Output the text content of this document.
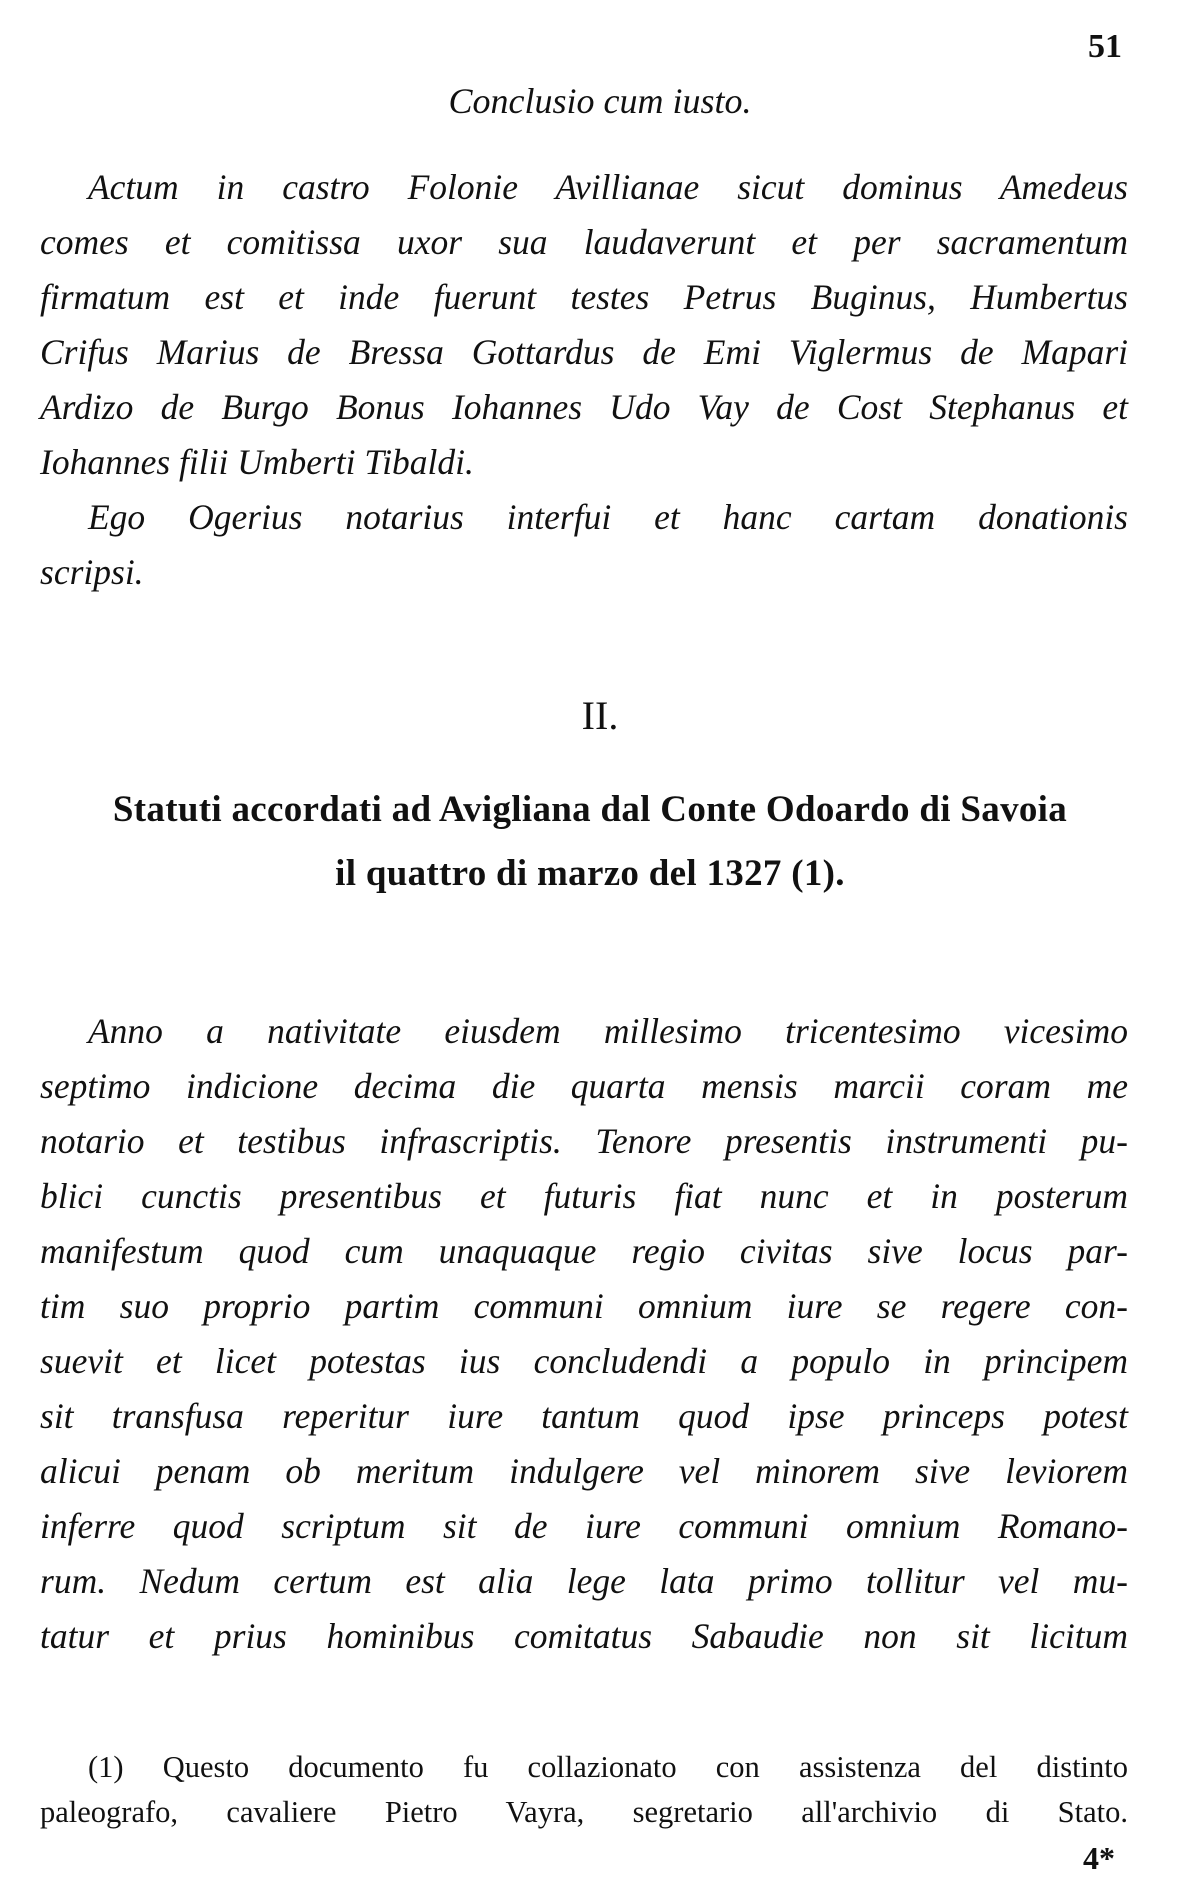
51
Conclusio cum iusto.
Actum in castro Folonie Avillianae sicut dominus Amedeus
comes et comitissa uxor sua laudaverunt et per sacramentum
firmatum est et inde fuerunt testes Petrus Buginus, Humbertus
Crifus Marius de Bressa Gottardus de Emi Viglermus de Mapari
Ardizo de Burgo Bonus Iohannes Udo Vay de Cost Stephanus et
Iohannes filii Umberti Tibaldi.
Ego Ogerius notarius interfui et hanc cartam donationis
scripsi.
II.
Statuti accordati ad Avigliana dal Conte Odoardo di Savoia
il quattro di marzo del 1327 (1).
Anno a nativitate eiusdem millesimo tricentesimo vicesimo
septimo indicione decima die quarta mensis marcii coram me
notario et testibus infrascriptis. Tenore presentis instrumenti pu-
blici cunctis presentibus et futuris fiat nunc et in posterum
manifestum quod cum unaquaque regio civitas sive locus par-
tim suo proprio partim communi omnium iure se regere con-
suevit et licet potestas ius concludendi a populo in principem
sit transfusa reperitur iure tantum quod ipse princeps potest
alicui penam ob meritum indulgere vel minorem sive leviorem
inferre quod scriptum sit de iure communi omnium Romano-
rum. Nedum certum est alia lege lata primo tollitur vel mu-
tatur et prius hominibus comitatus Sabaudie non sit licitum
(1) Questo documento fu collazionato con assistenza del distinto
paleografo, cavaliere Pietro Vayra, segretario all'archivio di Stato.
4*
